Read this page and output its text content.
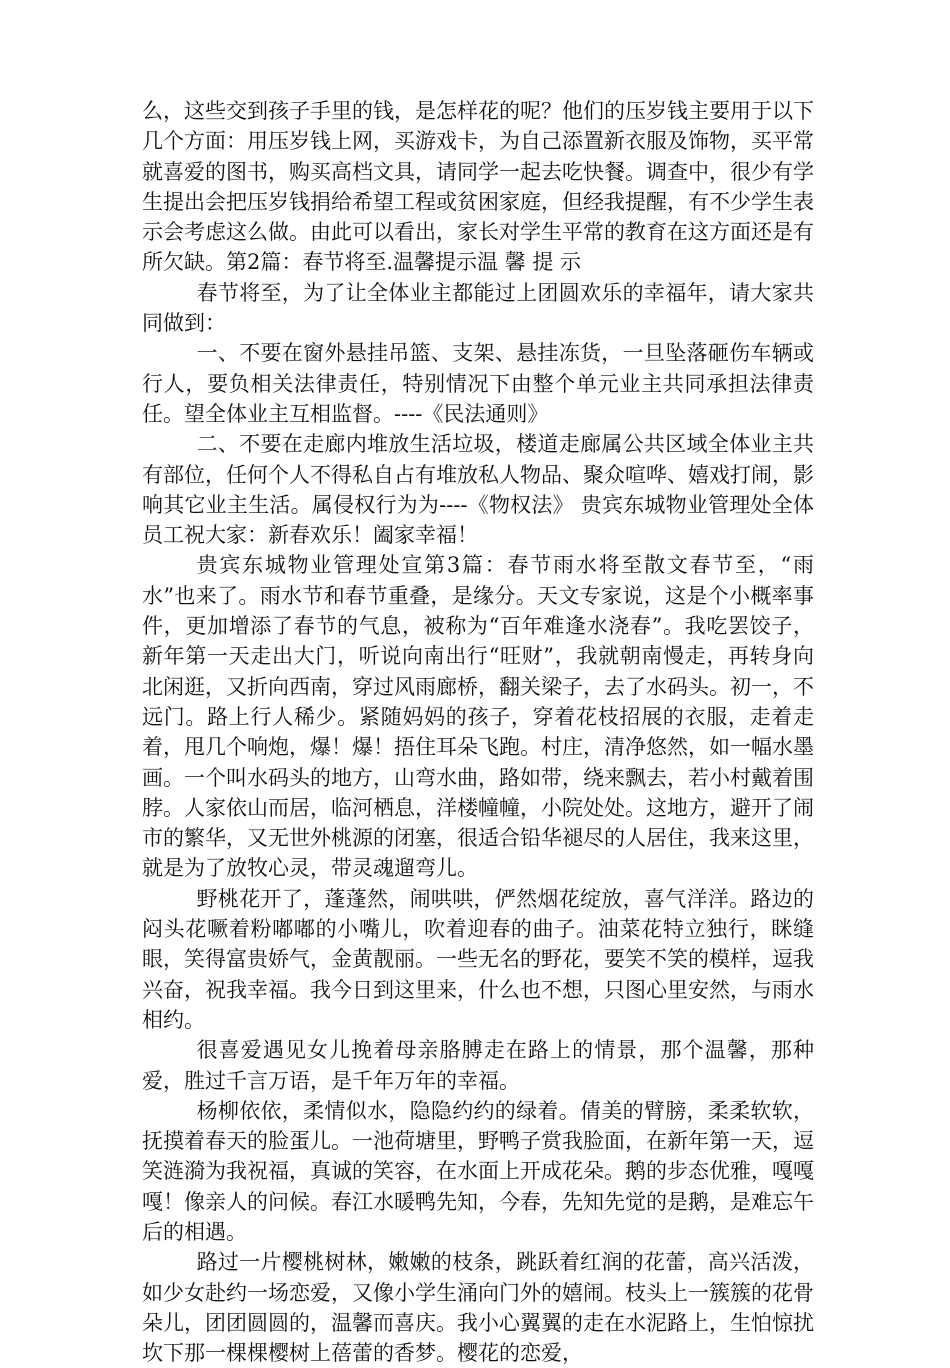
么，这些交到孩子手里的钱，是怎样花的呢？他们的压岁钱主要用于以下几个方面：用压岁钱上网，买游戏卡，为自己添置新衣服及饰物，买平常就喜爱的图书，购买高档文具，请同学一起去吃快餐。调查中，很少有学生提出会把压岁钱捐给希望工程或贫困家庭，但经我提醒，有不少学生表示会考虑这么做。由此可以看出，家长对学生平常的教育在这方面还是有所欠缺。第2篇：春节将至.温馨提示温 馨 提 示

春节将至，为了让全体业主都能过上团圆欢乐的幸福年，请大家共同做到：

一、不要在窗外悬挂吊篮、支架、悬挂冻货，一旦坠落砸伤车辆或行人，要负相关法律责任，特别情况下由整个单元业主共同承担法律责任。望全体业主互相监督。----《民法通则》

二、不要在走廊内堆放生活垃圾，楼道走廊属公共区域全体业主共有部位，任何个人不得私自占有堆放私人物品、聚众喧哗、嬉戏打闹，影响其它业主生活。属侵权行为为----《物权法》 贵宾东城物业管理处全体员工祝大家：新春欢乐！阖家幸福！

贵宾东城物业管理处宣第3篇：春节雨水将至散文春节至，“雨水”也来了。雨水节和春节重叠，是缘分。天文专家说，这是个小概率事件，更加增添了春节的气息，被称为“百年难逢水浇春”。我吃罢饺子，新年第一天走出大门，听说向南出行“旺财”，我就朝南慢走，再转身向北闲逛，又折向西南，穿过风雨廊桥，翻关梁子，去了水码头。初一，不远门。路上行人稀少。紧随妈妈的孩子，穿着花枝招展的衣服，走着走着，甩几个响炮，爆！爆！捂住耳朵飞跑。村庄，清净悠然，如一幅水墨画。一个叫水码头的地方，山弯水曲，路如带，绕来飘去，若小村戴着围脖。人家依山而居，临河栖息，洋楼幢幢，小院处处。这地方，避开了闹市的繁华，又无世外桃源的闭塞，很适合铅华褪尽的人居住，我来这里，就是为了放牧心灵，带灵魂遛弯儿。

野桃花开了，蓬蓬然，闹哄哄，俨然烟花绽放，喜气洋洋。路边的闷头花噘着粉嘟嘟的小嘴儿，吹着迎春的曲子。油菜花特立独行，眯缝眼，笑得富贵娇气，金黄靓丽。一些无名的野花，要笑不笑的模样，逗我兴奋，祝我幸福。我今日到这里来，什么也不想，只图心里安然，与雨水相约。

很喜爱遇见女儿挽着母亲胳膊走在路上的情景，那个温馨，那种爱，胜过千言万语，是千年万年的幸福。

杨柳依依，柔情似水，隐隐约约的绿着。倩美的臂膀，柔柔软软，抚摸着春天的脸蛋儿。一池荷塘里，野鸭子赏我脸面，在新年第一天，逗笑涟漪为我祝福，真诚的笑容，在水面上开成花朵。鹅的步态优雅，嘎嘎嘎！像亲人的问候。春江水暖鸭先知，今春，先知先觉的是鹅，是难忘午后的相遇。

路过一片樱桃树林，嫩嫩的枝条，跳跃着红润的花蕾，高兴活泼，如少女赴约一场恋爱，又像小学生涌向门外的嬉闹。枝头上一簇簇的花骨朵儿，团团圆圆的，温馨而喜庆。我小心翼翼的走在水泥路上，生怕惊扰坎下那一棵棵樱树上蓓蕾的香梦。樱花的恋爱，
